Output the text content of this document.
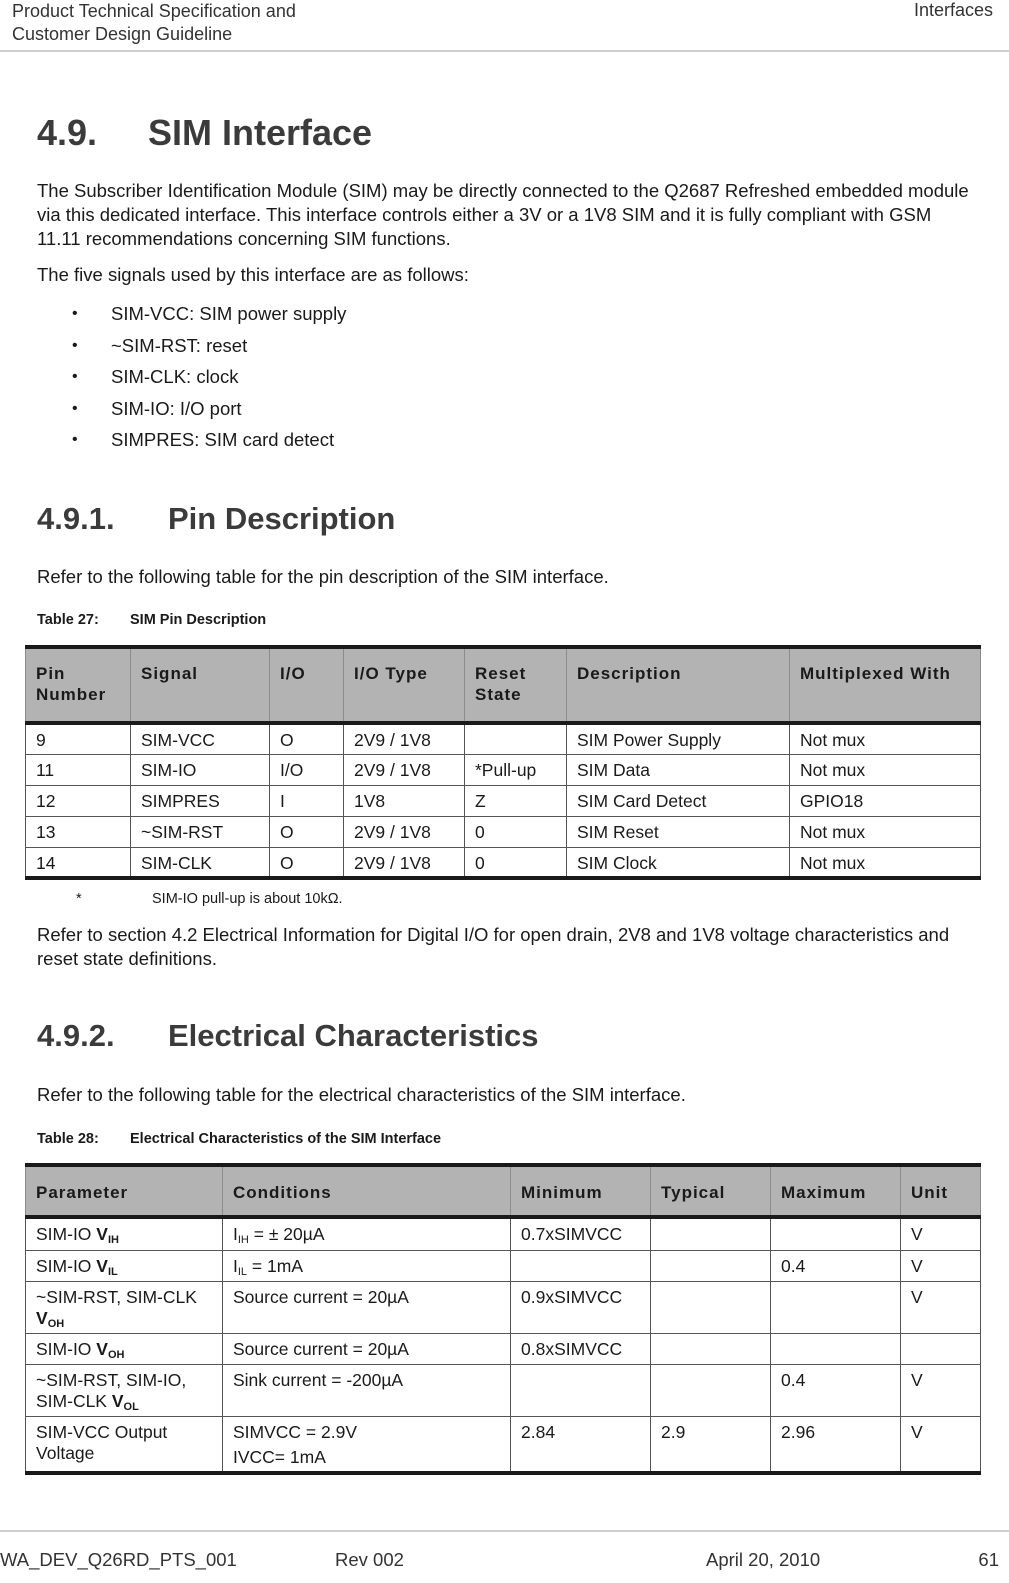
Product Technical Specification and
Customer Design Guideline
Interfaces
4.9. SIM Interface

The Subscriber Identification Module (SIM) may be directly connected to the Q2687 Refreshed embedded module via this dedicated interface. This interface controls either a 3V or a 1V8 SIM and it is fully compliant with GSM 11.11 recommendations concerning SIM functions.

The five signals used by this interface are as follows:

• SIM-VCC: SIM power supply
• ~SIM-RST: reset
• SIM-CLK: clock
• SIM-IO: I/O port
• SIMPRES: SIM card detect
4.9.1. Pin Description

Refer to the following table for the pin description of the SIM interface.

Table 27: SIM Pin Description
Pin Number	Signal	I/O	I/O Type	Reset State	Description	Multiplexed With
9	SIM-VCC	O	2V9 / 1V8		SIM Power Supply	Not mux
11	SIM-IO	I/O	2V9 / 1V8	*Pull-up	SIM Data	Not mux
12	SIMPRES	I	1V8	Z	SIM Card Detect	GPIO18
13	~SIM-RST	O	2V9 / 1V8	0	SIM Reset	Not mux
14	SIM-CLK	O	2V9 / 1V8	0	SIM Clock	Not mux
*	SIM-IO pull-up is about 10kΩ.

Refer to section 4.2 Electrical Information for Digital I/O for open drain, 2V8 and 1V8 voltage characteristics and reset state definitions.

4.9.2. Electrical Characteristics

Refer to the following table for the electrical characteristics of the SIM interface.

Table 28: Electrical Characteristics of the SIM Interface
Parameter	Conditions	Minimum	Typical	Maximum	Unit
SIM-IO $V_{IH}$	$I_{IH}$ = ± 20µA	0.7xSIMVCC			V
SIM-IO $V_{IL}$	$I_{IL} = 1mA$			0.4	V
~SIM-RST, SIM-CLK $V_{OH}$	Source current = 20µA	0.9xSIMVCC			V
SIM-IO $V_{OH}$	Source current = 20µA	0.8xSIMVCC			
~SIM-RST, SIM-IO, SIM-CLK $V_{OL}$	Sink current = -200µA			0.4	V
SIM-VCC Output Voltage	SIMVCC = 2.9V
IVCC= 1mA	2.84	2.9	2.96	V
WA_DEV_Q26RD_PTS_001	Rev 002	April 20, 2010	61
